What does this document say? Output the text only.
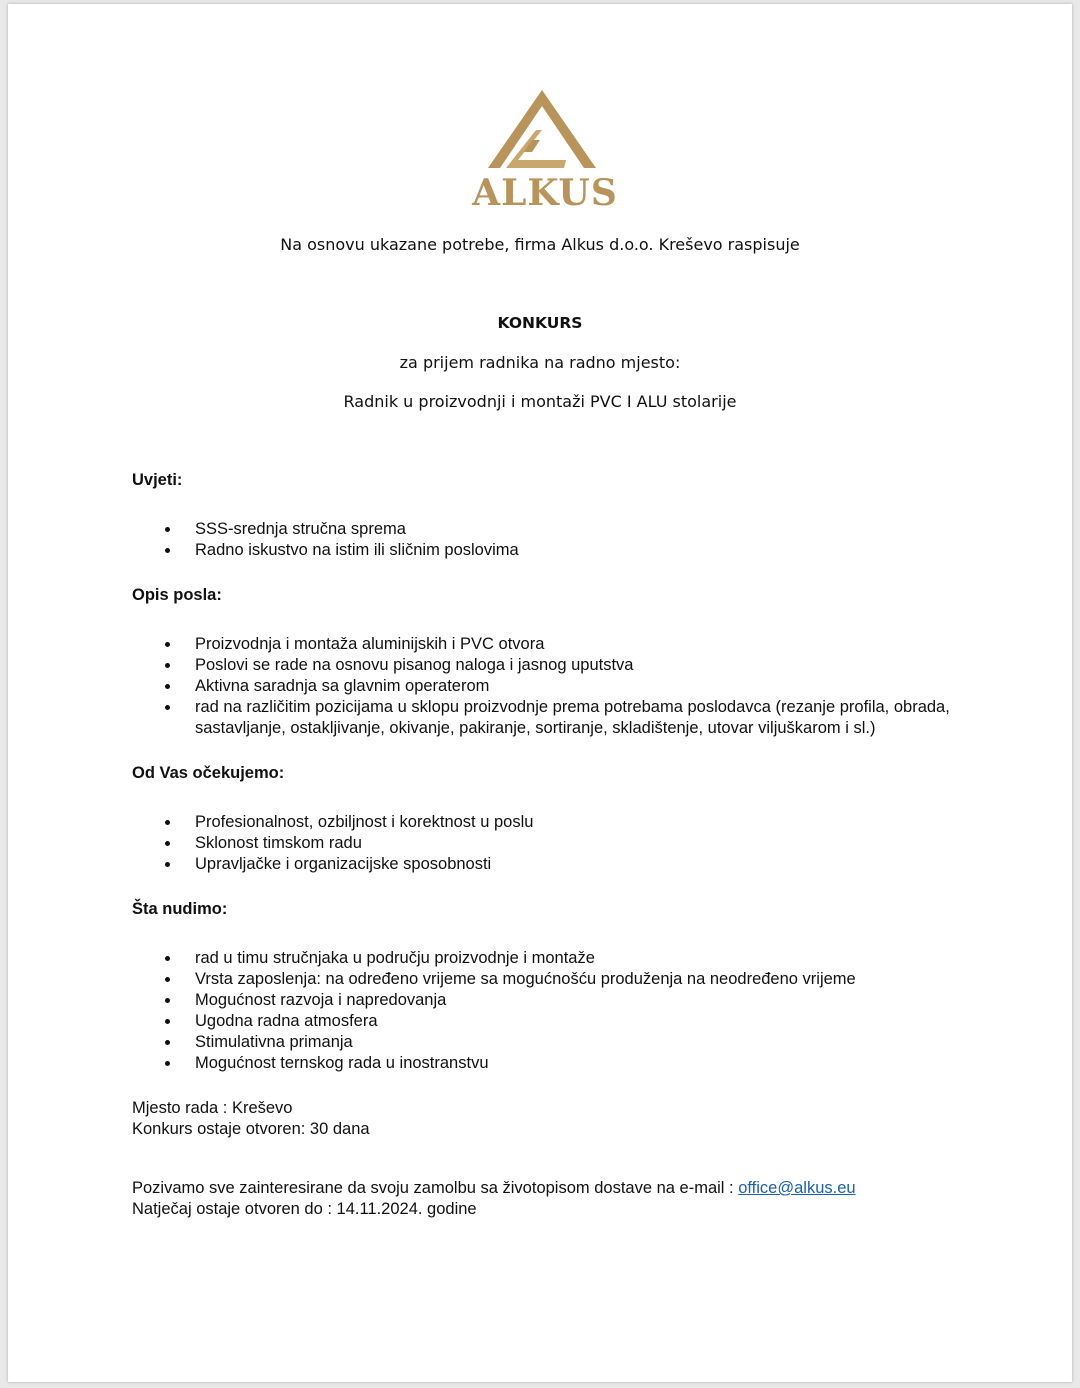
ALKUS
Na osnovu ukazane potrebe, firma Alkus d.o.o. Kreševo raspisuje
KONKURS
za prijem radnika na radno mjesto:
Radnik u proizvodnji i montaži PVC I ALU stolarije

Uvjeti:

SSS-srednja stručna sprema
Radno iskustvo na istim ili sličnim poslovima

Opis posla:

Proizvodnja i montaža aluminijskih i PVC otvora
Poslovi se rade na osnovu pisanog naloga i jasnog uputstva
Aktivna saradnja sa glavnim operaterom
rad na različitim pozicijama u sklopu proizvodnje prema potrebama poslodavca (rezanje profila, obrada, sastavljanje, ostakljivanje, okivanje, pakiranje, sortiranje, skladištenje, utovar viljuškarom i sl.)

Od Vas očekujemo:

Profesionalnost, ozbiljnost i korektnost u poslu
Sklonost timskom radu
Upravljačke i organizacijske sposobnosti

Šta nudimo:

rad u timu stručnjaka u području proizvodnje i montaže
Vrsta zaposlenja: na određeno vrijeme sa mogućnošću produženja na neodređeno vrijeme
Mogućnost razvoja i napredovanja
Ugodna radna atmosfera
Stimulativna primanja
Mogućnost ternskog rada u inostranstvu

Mjesto rada : Kreševo

Konkurs ostaje otvoren: 30 dana

Pozivamo sve zainteresirane da svoju zamolbu sa životopisom dostave na e-mail : office@alkus.eu

Natječaj ostaje otvoren do : 14.11.2024. godine
